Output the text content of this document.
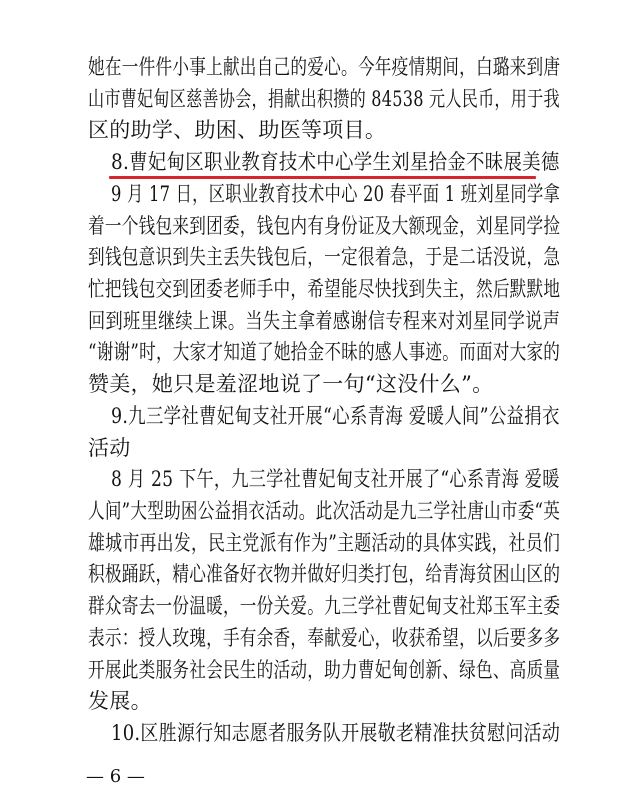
她在一件件小事上献出自己的爱心。今年疫情期间，白璐来到唐
山市曹妃甸区慈善协会，捐献出积攒的 84538 元人民币，用于我
区的助学、助困、助医等项目。
8.曹妃甸区职业教育技术中心学生刘星拾金不昧展美德
9 月 17 日，区职业教育技术中心 20 春平面 1 班刘星同学拿
着一个钱包来到团委，钱包内有身份证及大额现金，刘星同学捡
到钱包意识到失主丢失钱包后，一定很着急，于是二话没说，急
忙把钱包交到团委老师手中，希望能尽快找到失主，然后默默地
回到班里继续上课。当失主拿着感谢信专程来对刘星同学说声
“谢谢”时，大家才知道了她拾金不昧的感人事迹。而面对大家的
赞美，她只是羞涩地说了一句“这没什么”。
9.九三学社曹妃甸支社开展“心系青海 爱暖人间”公益捐衣
活动
8 月 25 下午，九三学社曹妃甸支社开展了“心系青海 爱暖
人间”大型助困公益捐衣活动。此次活动是九三学社唐山市委“英
雄城市再出发，民主党派有作为”主题活动的具体实践，社员们
积极踊跃，精心准备好衣物并做好归类打包，给青海贫困山区的
群众寄去一份温暖，一份关爱。九三学社曹妃甸支社郑玉军主委
表示：授人玫瑰，手有余香，奉献爱心，收获希望，以后要多多
开展此类服务社会民生的活动，助力曹妃甸创新、绿色、高质量
发展。
10.区胜源行知志愿者服务队开展敬老精准扶贫慰问活动
— 6 —
